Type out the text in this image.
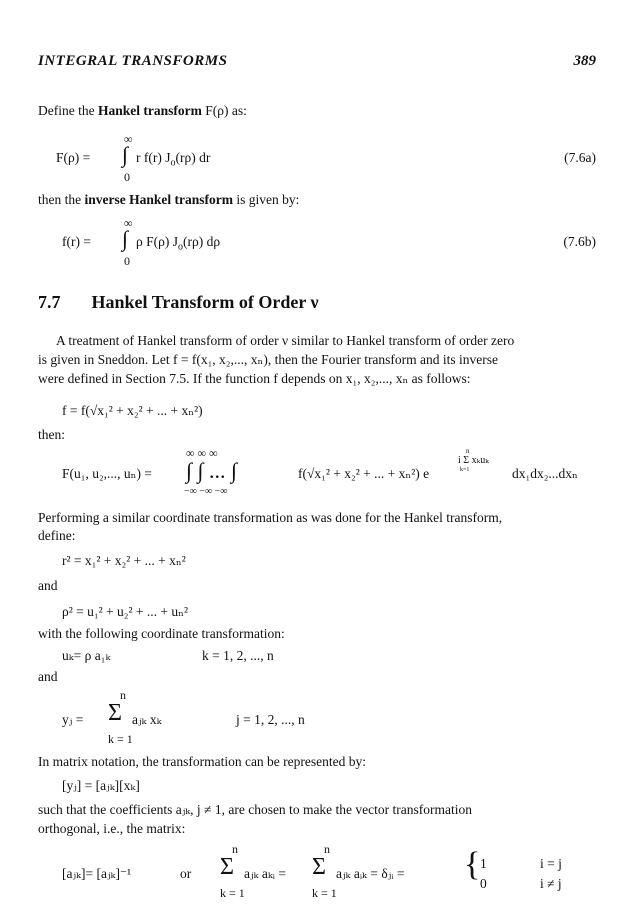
INTEGRAL TRANSFORMS	389
Define the Hankel transform F(ρ) as:
∞
F(ρ) = ∫ r f(r) $J_o(r\rho)$ dr
0
(7.6a)
then the inverse Hankel transform is given by:
∞
f(r) = ∫ ρ F(ρ) $J_o(r\rho)$ dρ
0
(7.6b)
7.7 Hankel Transform of Order ν
A treatment of Hankel transform of order ν similar to Hankel transform of order zero
is given in Sneddon. Let f = f(x₁, x₂,..., xₙ), then the Fourier transform and its inverse
were defined in Section 7.5. If the function f depends on x₁, x₂,..., xₙ as follows:
f = f(√x₁² + x₂² + ... + xₙ²)
then:
∞ ∞ ∞
F(u₁, u₂,..., uₙ) = ∫ ∫ ... ∫	f(√x₁² + x₂² + ... + xₙ²) e
i Σ xₖuₖ
n
k=1	dx₁dx₂...dxₙ
−∞ −∞ −∞
Performing a similar coordinate transformation as was done for the Hankel transform,
define:
r² = x₁² + x₂² + ... + xₙ²
and
ρ² = u₁² + u₂² + ... + uₙ²
with the following coordinate transformation:
uₖ= ρ a₁ₖ	k = 1, 2, ..., n
and
n
yⱼ = Σ aⱼₖ xₖ
k = 1
j = 1, 2, ..., n
In matrix notation, the transformation can be represented by:
[yⱼ] = [aⱼₖ][xₖ]
such that the coefficients aⱼₖ, j ≠ 1, are chosen to make the vector transformation
orthogonal, i.e., the matrix:
[aⱼₖ]= [aⱼₖ]⁻¹	or
n
Σ aⱼₖ aₖᵢ =
k = 1
n
Σ aⱼₖ aᵢₖ = δⱼᵢ =
k = 1
{ 1	i = j
0	i ≠ j
